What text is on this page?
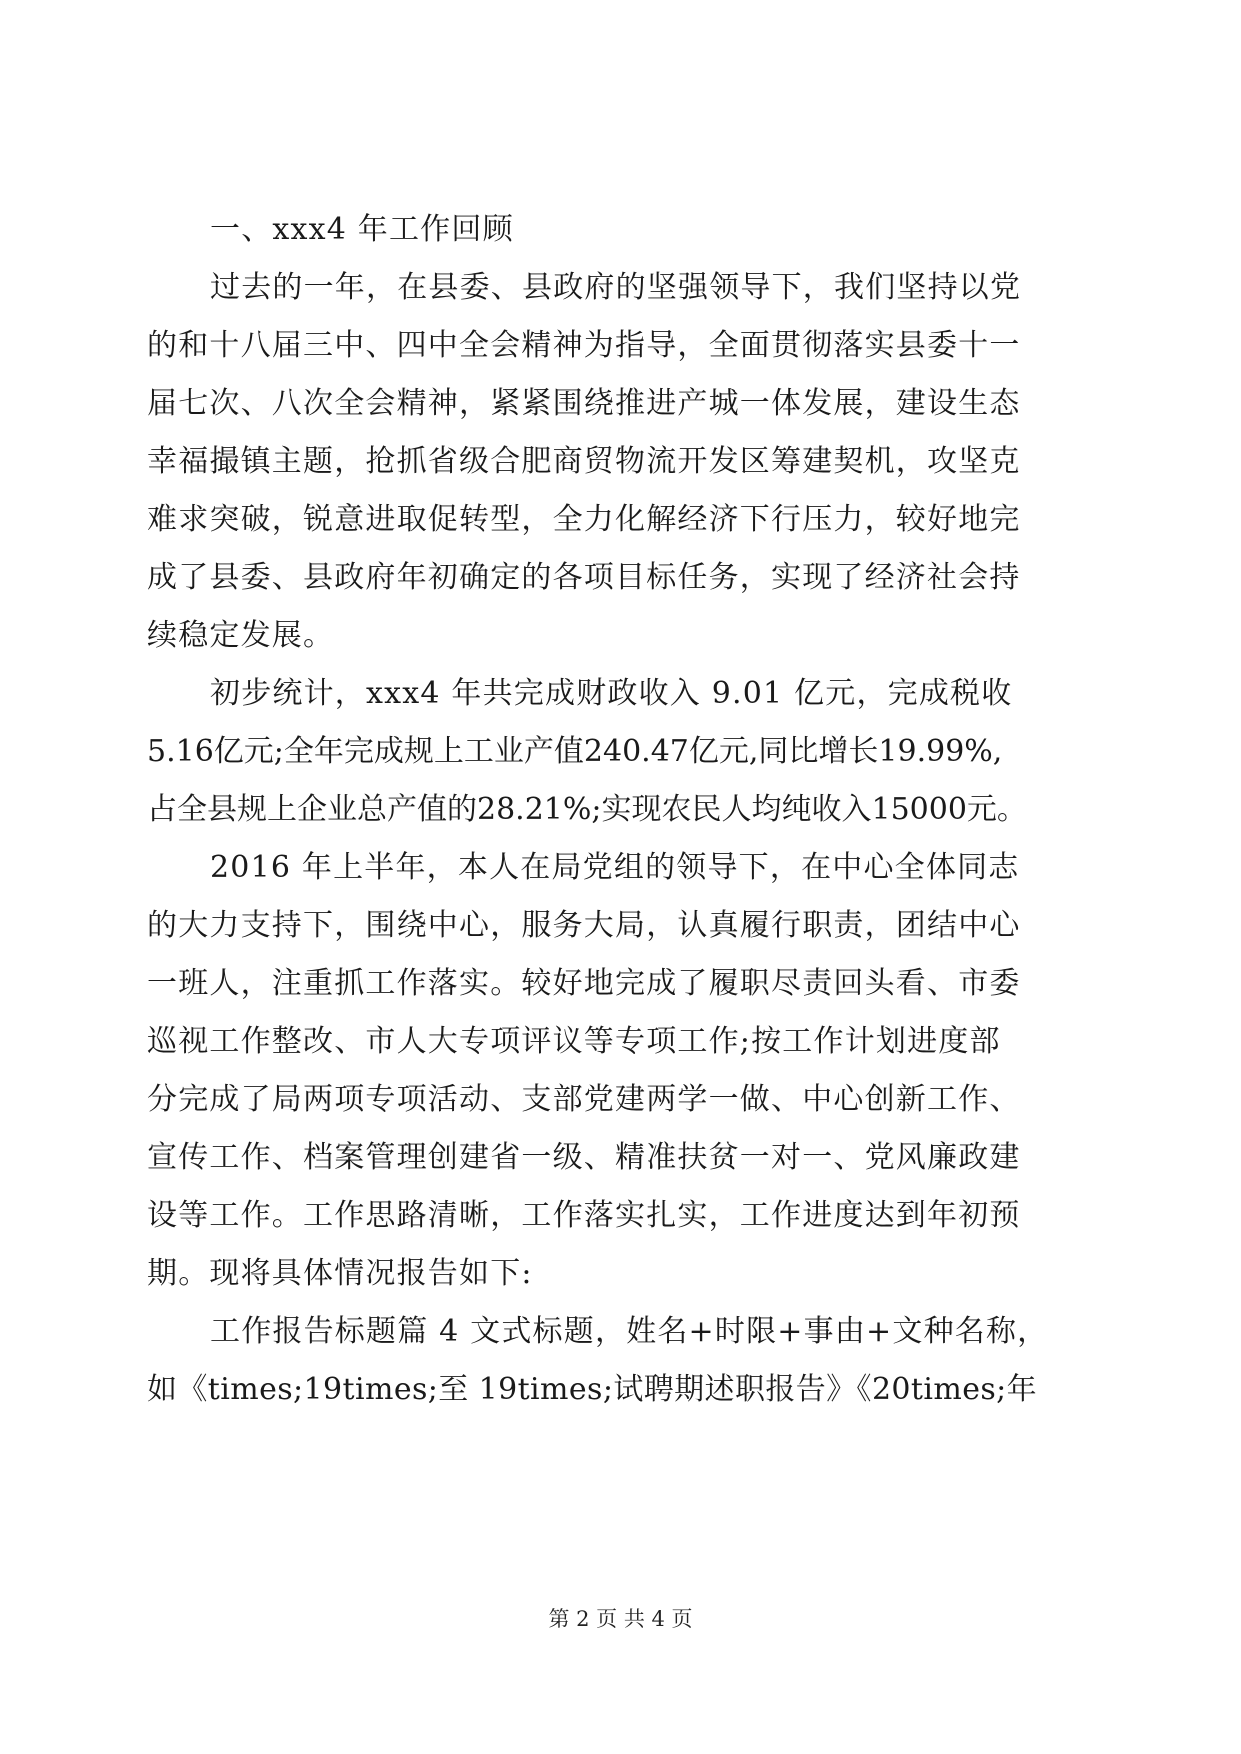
一、xxx4 年工作回顾
过去的一年，在县委、县政府的坚强领导下，我们坚持以党
的和十八届三中、四中全会精神为指导，全面贯彻落实县委十一
届七次、八次全会精神，紧紧围绕推进产城一体发展，建设生态
幸福撮镇主题，抢抓省级合肥商贸物流开发区筹建契机，攻坚克
难求突破，锐意进取促转型，全力化解经济下行压力，较好地完
成了县委、县政府年初确定的各项目标任务，实现了经济社会持
续稳定发展。
初步统计，xxx4 年共完成财政收入 9.01 亿元，完成税收
5.16亿元;全年完成规上工业产值240.47亿元,同比增长19.99%,
占全县规上企业总产值的28.21%;实现农民人均纯收入15000元。
2016 年上半年，本人在局党组的领导下，在中心全体同志
的大力支持下，围绕中心，服务大局，认真履行职责，团结中心
一班人，注重抓工作落实。较好地完成了履职尽责回头看、市委
巡视工作整改、市人大专项评议等专项工作;按工作计划进度部
分完成了局两项专项活动、支部党建两学一做、中心创新工作、
宣传工作、档案管理创建省一级、精准扶贫一对一、党风廉政建
设等工作。工作思路清晰，工作落实扎实，工作进度达到年初预
期。现将具体情况报告如下:
工作报告标题篇 4 文式标题，姓名+时限+事由+文种名称，
如《times;19times;至 19times;试聘期述职报告》《20times;年
第 2 页 共 4 页
